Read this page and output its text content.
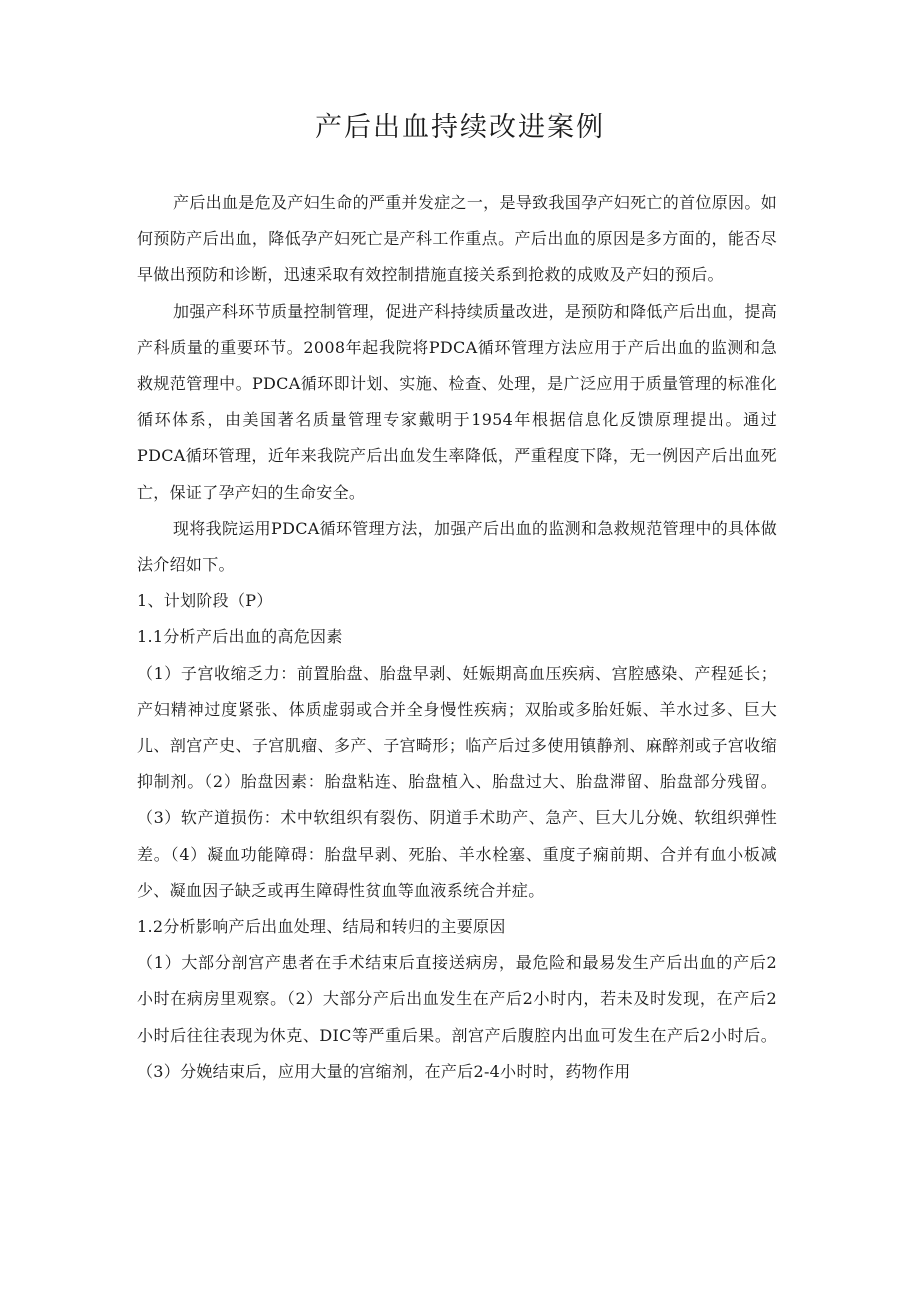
产后出血持续改进案例

产后出血是危及产妇生命的严重并发症之一，是导致我国孕产妇死亡的首位原因。如何预防产后出血，降低孕产妇死亡是产科工作重点。产后出血的原因是多方面的，能否尽早做出预防和诊断，迅速采取有效控制措施直接关系到抢救的成败及产妇的预后。

加强产科环节质量控制管理，促进产科持续质量改进，是预防和降低产后出血，提高产科质量的重要环节。2008年起我院将PDCA循环管理方法应用于产后出血的监测和急救规范管理中。PDCA循环即计划、实施、检查、处理，是广泛应用于质量管理的标准化循环体系，由美国著名质量管理专家戴明于1954年根据信息化反馈原理提出。通过PDCA循环管理，近年来我院产后出血发生率降低，严重程度下降，无一例因产后出血死亡，保证了孕产妇的生命安全。

现将我院运用PDCA循环管理方法，加强产后出血的监测和急救规范管理中的具体做法介绍如下。

1、计划阶段（P）

1.1分析产后出血的高危因素

（1）子宫收缩乏力：前置胎盘、胎盘早剥、妊娠期高血压疾病、宫腔感染、产程延长；产妇精神过度紧张、体质虚弱或合并全身慢性疾病；双胎或多胎妊娠、羊水过多、巨大儿、剖宫产史、子宫肌瘤、多产、子宫畸形；临产后过多使用镇静剂、麻醉剂或子宫收缩抑制剂。（2）胎盘因素：胎盘粘连、胎盘植入、胎盘过大、胎盘滞留、胎盘部分残留。（3）软产道损伤：术中软组织有裂伤、阴道手术助产、急产、巨大儿分娩、软组织弹性差。（4）凝血功能障碍：胎盘早剥、死胎、羊水栓塞、重度子痫前期、合并有血小板减少、凝血因子缺乏或再生障碍性贫血等血液系统合并症。

1.2分析影响产后出血处理、结局和转归的主要原因

（1）大部分剖宫产患者在手术结束后直接送病房，最危险和最易发生产后出血的产后2小时在病房里观察。（2）大部分产后出血发生在产后2小时内，若未及时发现，在产后2小时后往往表现为休克、DIC等严重后果。剖宫产后腹腔内出血可发生在产后2小时后。（3）分娩结束后，应用大量的宫缩剂，在产后2-4小时时，药物作用
